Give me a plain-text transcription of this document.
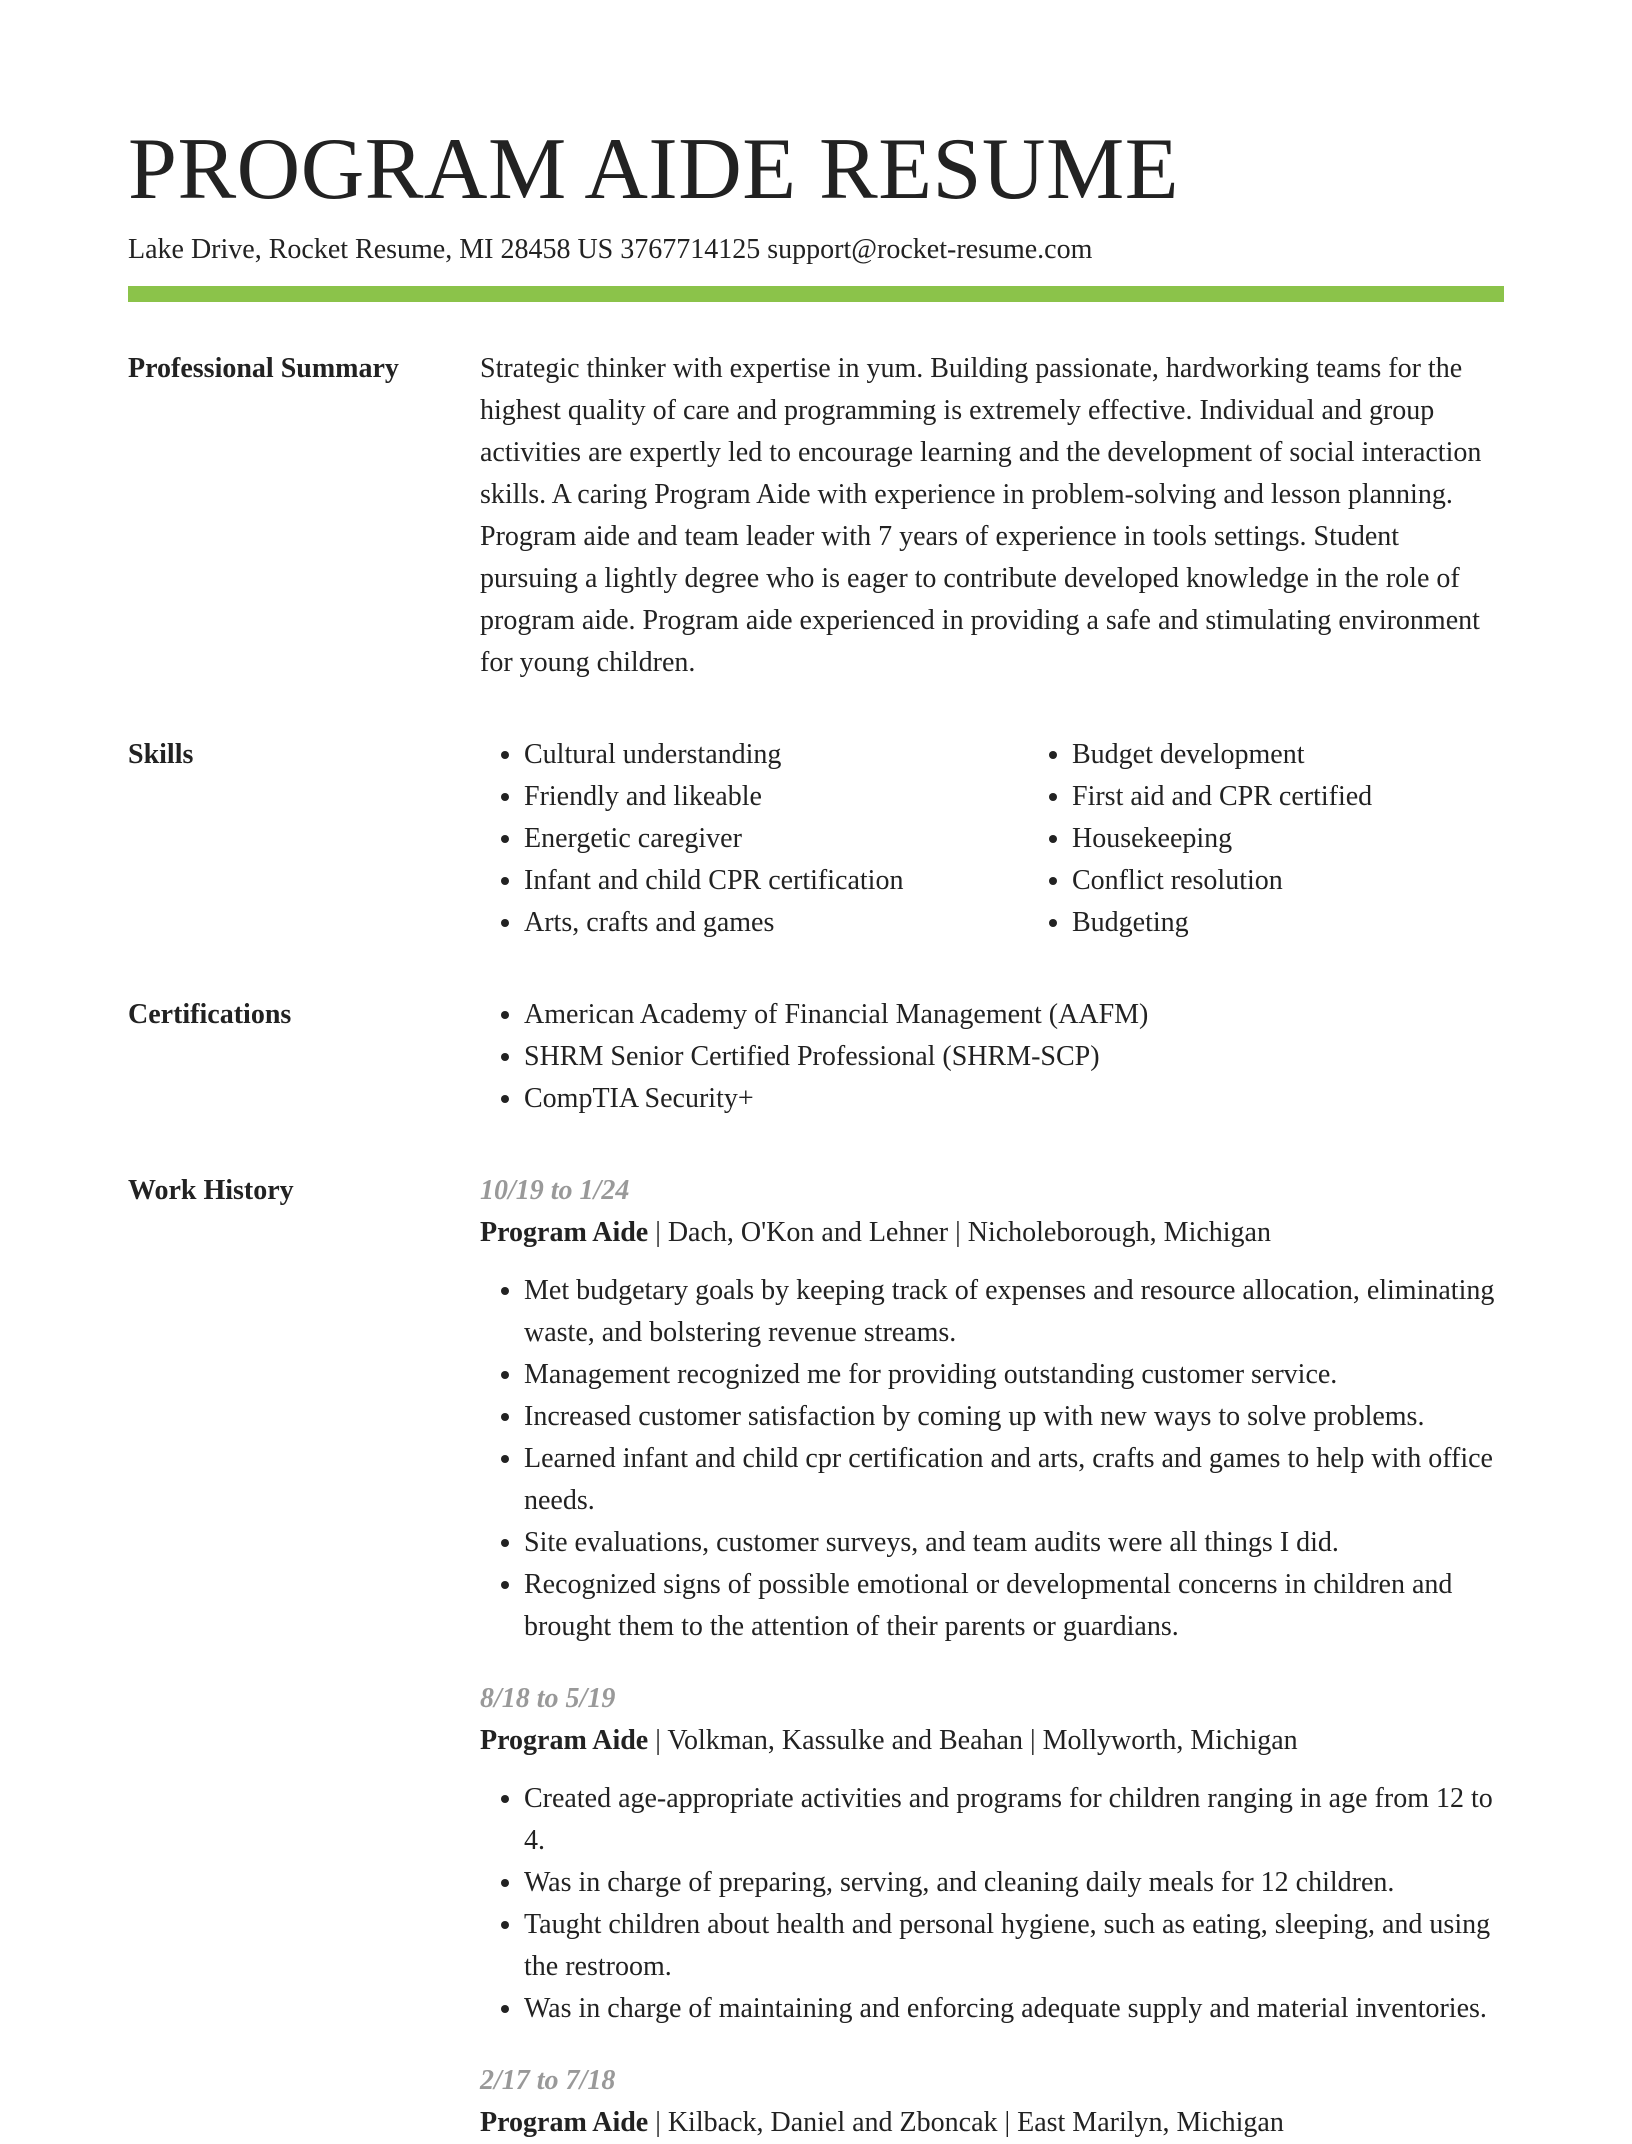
PROGRAM AIDE RESUME
Lake Drive, Rocket Resume, MI 28458 US 3767714125 support@rocket-resume.com
Professional Summary	Strategic thinker with expertise in yum. Building passionate, hardworking teams for the highest quality of care and programming is extremely effective. Individual and group activities are expertly led to encourage learning and the development of social interaction skills. A caring Program Aide with experience in problem-solving and lesson planning. Program aide and team leader with 7 years of experience in tools settings. Student pursuing a lightly degree who is eager to contribute developed knowledge in the role of program aide. Program aide experienced in providing a safe and stimulating environment for young children.

Skills	• Cultural understanding
• Friendly and likeable
• Energetic caregiver
• Infant and child CPR certification
• Arts, crafts and games
• Budget development
• First aid and CPR certified
• Housekeeping
• Conflict resolution
• Budgeting
Certifications	• American Academy of Financial Management (AAFM)
• SHRM Senior Certified Professional (SHRM-SCP)
• CompTIA Security+
Work History	10/19 to 1/24
Program Aide | Dach, O'Kon and Lehner | Nicholeborough, Michigan
• Met budgetary goals by keeping track of expenses and resource allocation, eliminating waste, and bolstering revenue streams.
• Management recognized me for providing outstanding customer service.
• Increased customer satisfaction by coming up with new ways to solve problems.
• Learned infant and child cpr certification and arts, crafts and games to help with office needs.
• Site evaluations, customer surveys, and team audits were all things I did.
• Recognized signs of possible emotional or developmental concerns in children and brought them to the attention of their parents or guardians.
8/18 to 5/19
Program Aide | Volkman, Kassulke and Beahan | Mollyworth, Michigan
• Created age-appropriate activities and programs for children ranging in age from 12 to 4.
• Was in charge of preparing, serving, and cleaning daily meals for 12 children.
• Taught children about health and personal hygiene, such as eating, sleeping, and using the restroom.
• Was in charge of maintaining and enforcing adequate supply and material inventories.
2/17 to 7/18
Program Aide | Kilback, Daniel and Zboncak | East Marilyn, Michigan
